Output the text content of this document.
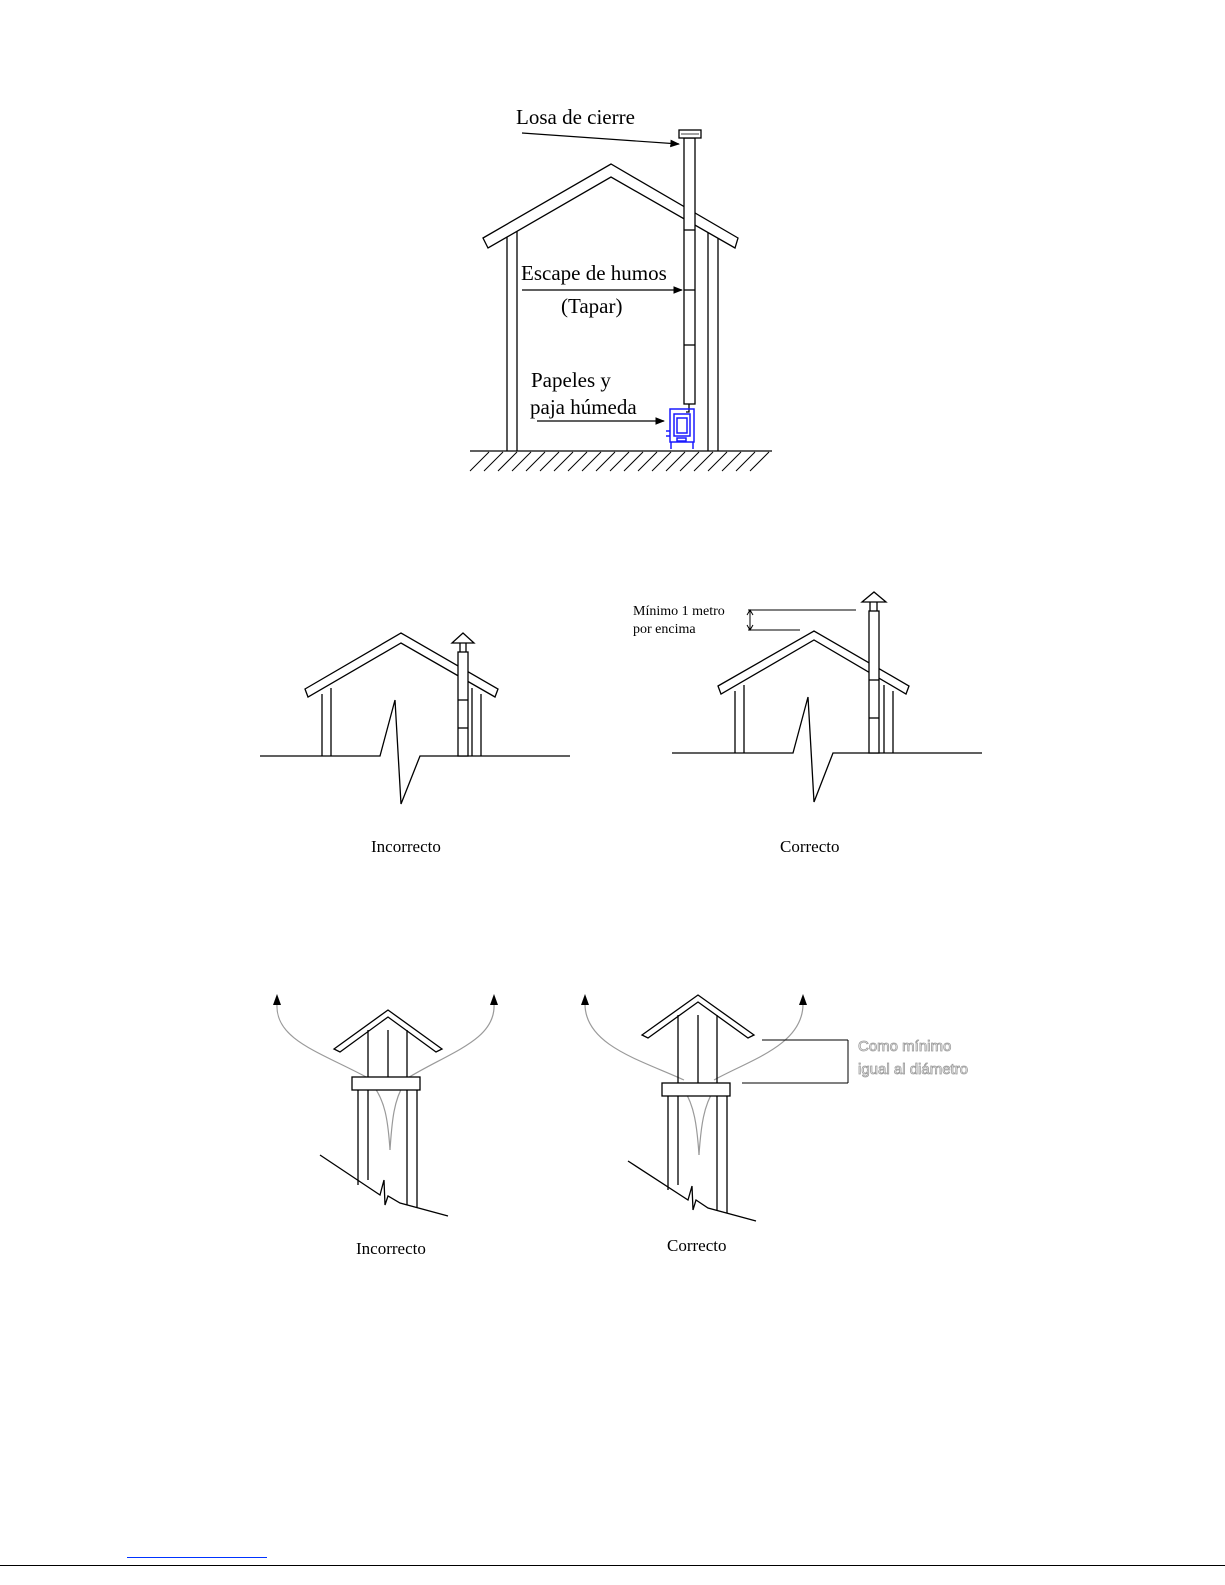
Losa de cierre
Escape de humos
(Tapar)
Papeles y
paja húmeda
Mínimo 1 metro
por encima
Incorrecto	Correcto
Como mínimo
igual al diámetro
Incorrecto	Correcto
